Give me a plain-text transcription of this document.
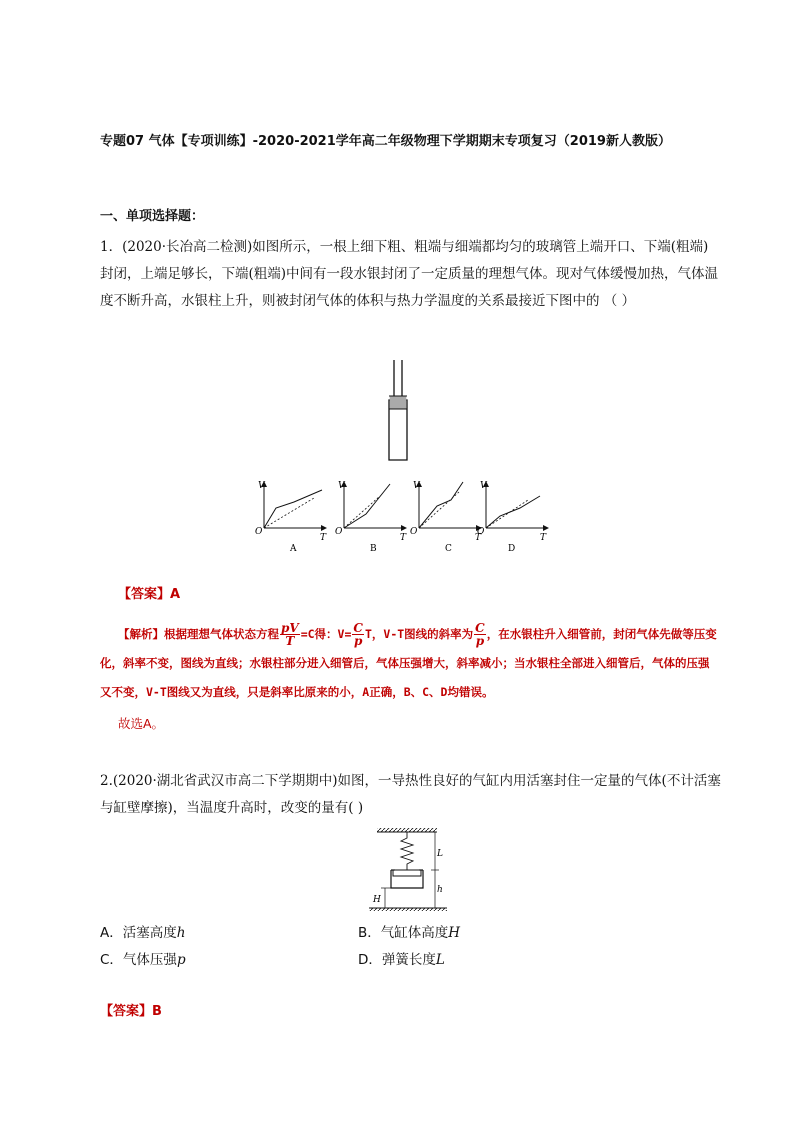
专题07 气体【专项训练】-2020-2021学年高二年级物理下学期期末专项复习（2019新人教版）
一、单项选择题：
1．(2020·长冶高二检测)如图所示，一根上细下粗、粗端与细端都均匀的玻璃管上端开口、下端(粗端)封闭，上端足够长，下端(粗端)中间有一段水银封闭了一定质量的理想气体。现对气体缓慢加热，气体温度不断升高，水银柱上升，则被封闭气体的体积与热力学温度的关系最接近下图中的 （ ）
V
O
T
A
V
O
T
B
V
O
T
C
V
O
T
D
【答案】A
【解析】根据理想气体状态方程 $\frac{pV}{T} =C$得：$V= \frac{C}{p}$ T，V-T图线的斜率为 $\frac{C}{p}$ ，在水银柱升入细管前，封闭气体先做等压变化，斜率不变，图线为直线；水银柱部分进入细管后，气体压强增大，斜率减小；当水银柱全部进入细管后，气体的压强又不变，V-T图线又为直线，只是斜率比原来的小，A正确，B、C、D均错误。
故选A。
2.(2020·湖北省武汉市高二下学期期中)如图，一导热性良好的气缸内用活塞封住一定量的气体(不计活塞与缸壁摩擦)，当温度升高时，改变的量有( )
L
h
H
A．活塞高度h	B．气缸体高度H
C．气体压强p	D．弹簧长度L
【答案】B
